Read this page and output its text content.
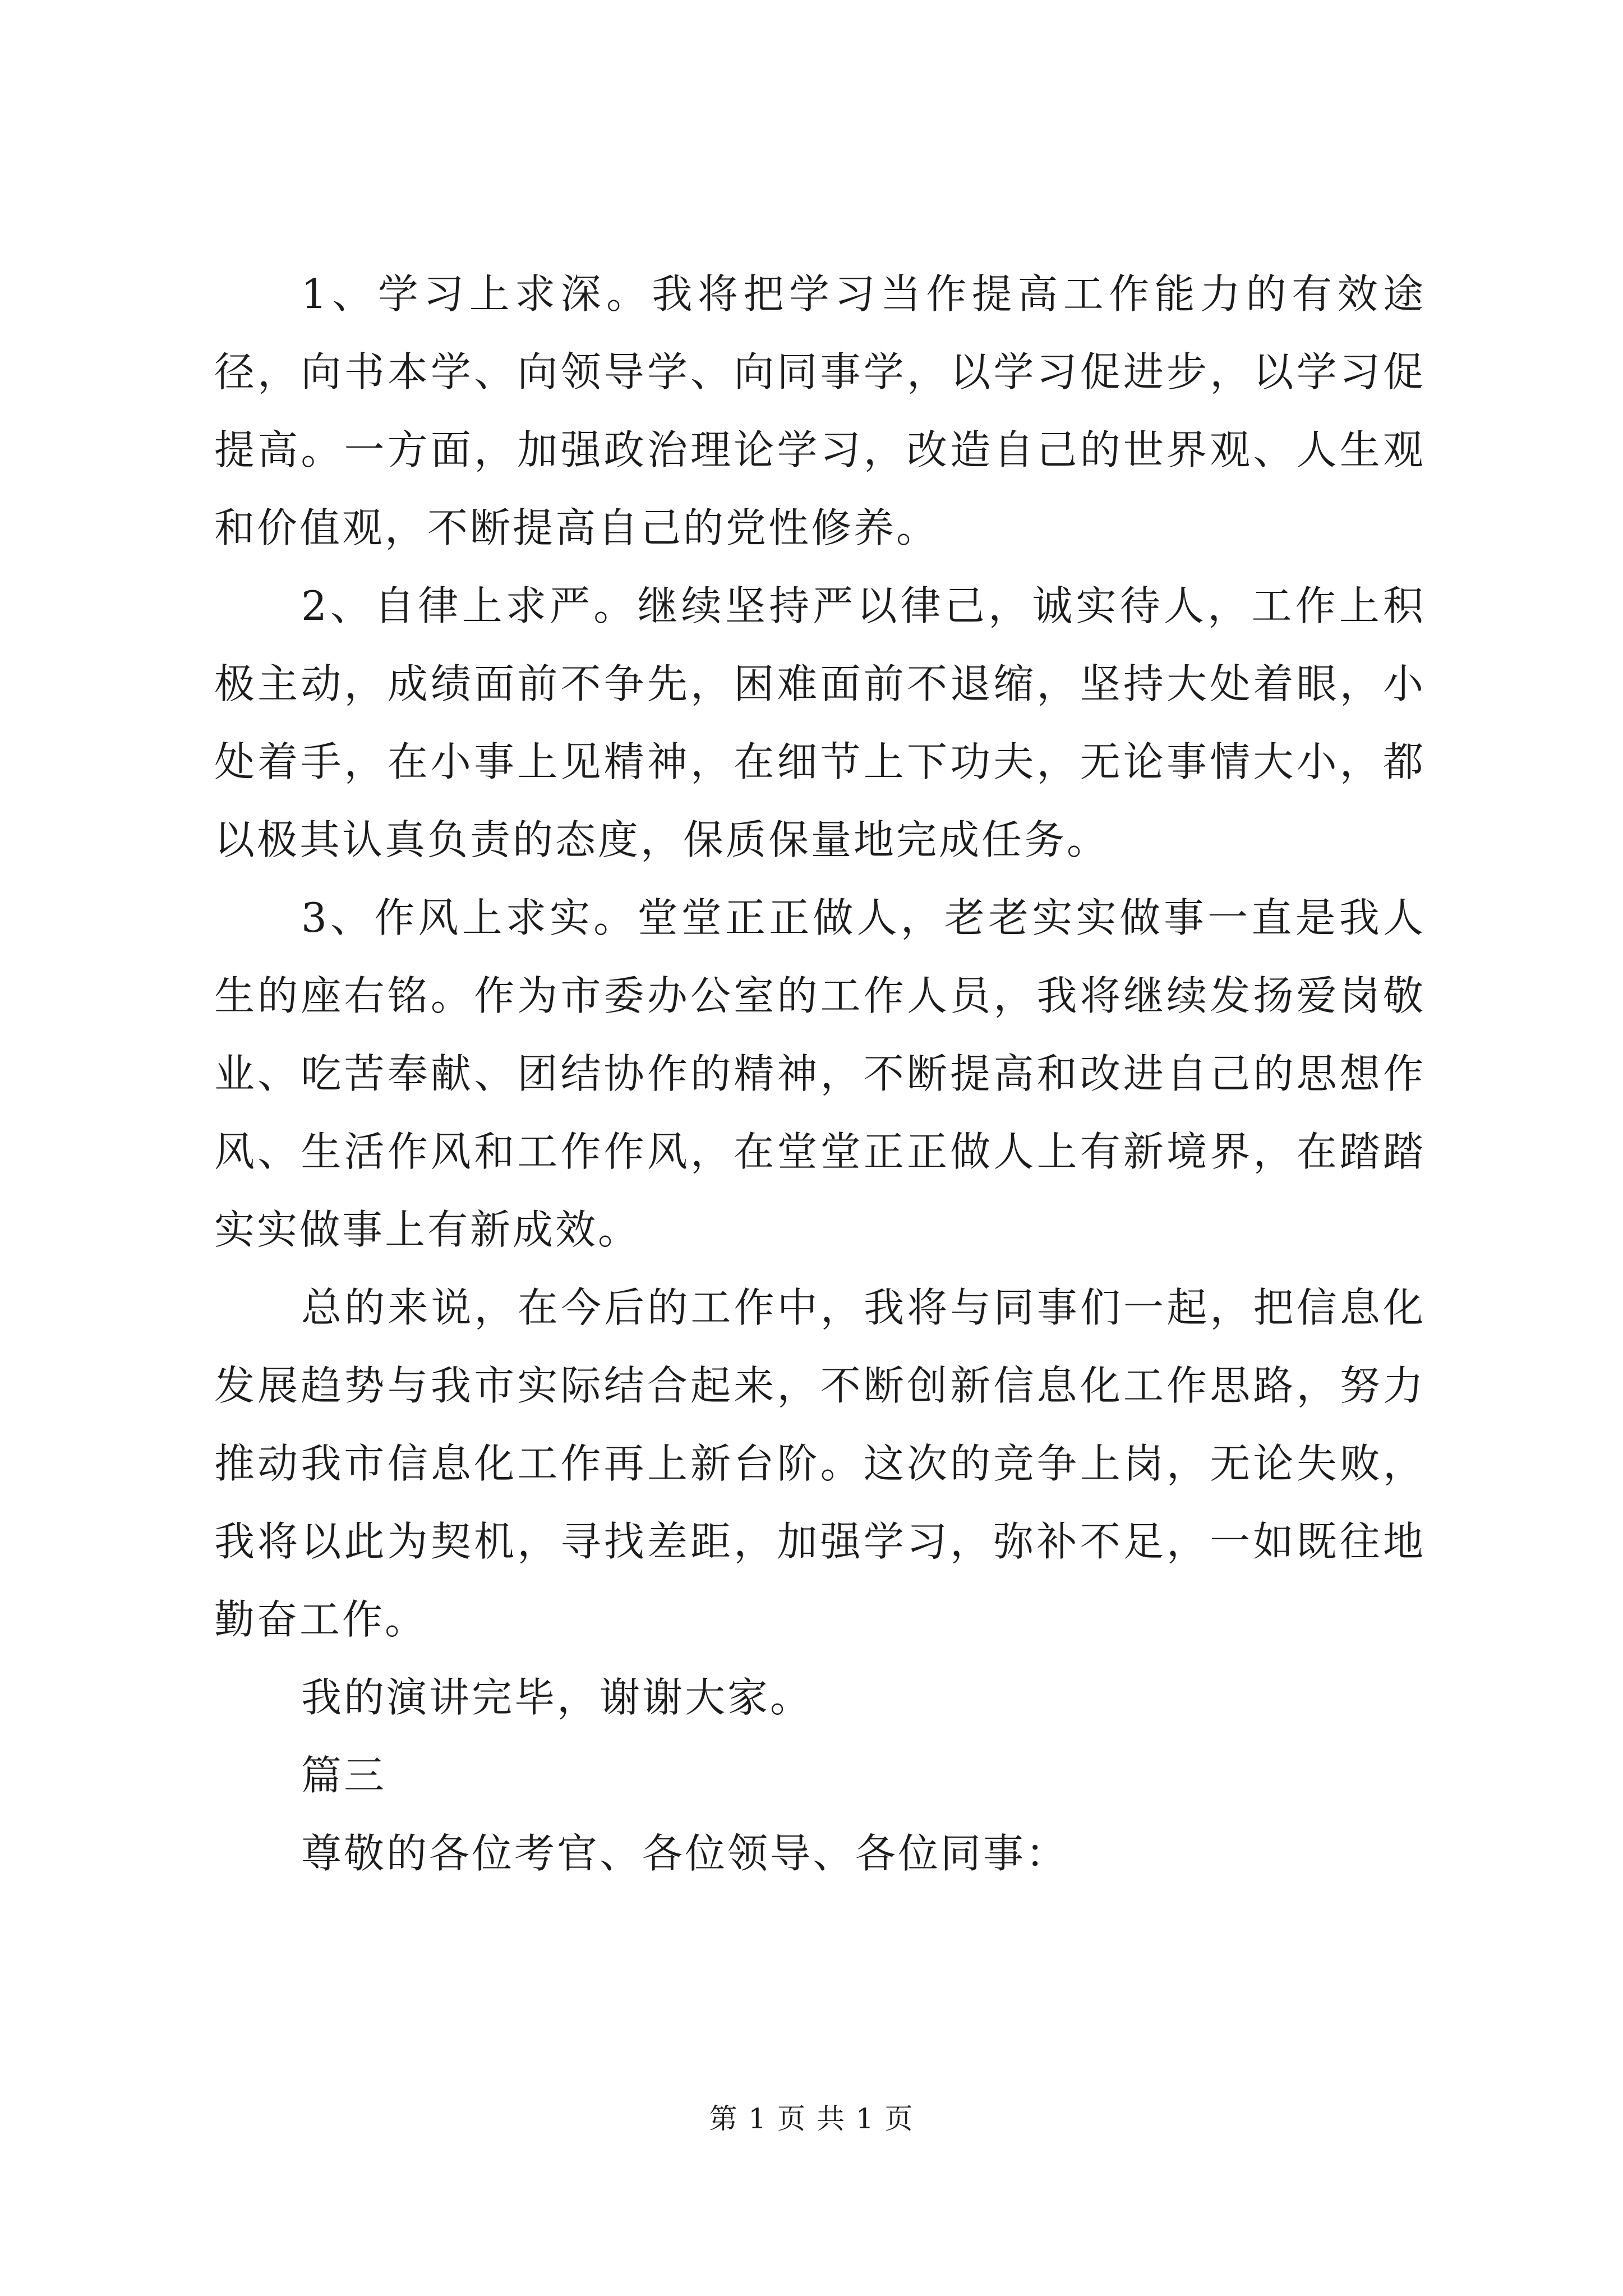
1、学习上求深。我将把学习当作提高工作能力的有效途径，向书本学、向领导学、向同事学，以学习促进步，以学习促提高。一方面，加强政治理论学习，改造自己的世界观、人生观和价值观，不断提高自己的党性修养。

2、自律上求严。继续坚持严以律己，诚实待人，工作上积极主动，成绩面前不争先，困难面前不退缩，坚持大处着眼，小处着手，在小事上见精神，在细节上下功夫，无论事情大小，都以极其认真负责的态度，保质保量地完成任务。

3、作风上求实。堂堂正正做人，老老实实做事一直是我人生的座右铭。作为市委办公室的工作人员，我将继续发扬爱岗敬业、吃苦奉献、团结协作的精神，不断提高和改进自己的思想作风、生活作风和工作作风，在堂堂正正做人上有新境界，在踏踏实实做事上有新成效。

总的来说，在今后的工作中，我将与同事们一起，把信息化发展趋势与我市实际结合起来，不断创新信息化工作思路，努力推动我市信息化工作再上新台阶。这次的竞争上岗，无论失败，我将以此为契机，寻找差距，加强学习，弥补不足，一如既往地勤奋工作。

我的演讲完毕，谢谢大家。

篇三

尊敬的各位考官、各位领导、各位同事：

第 1 页 共 1 页
